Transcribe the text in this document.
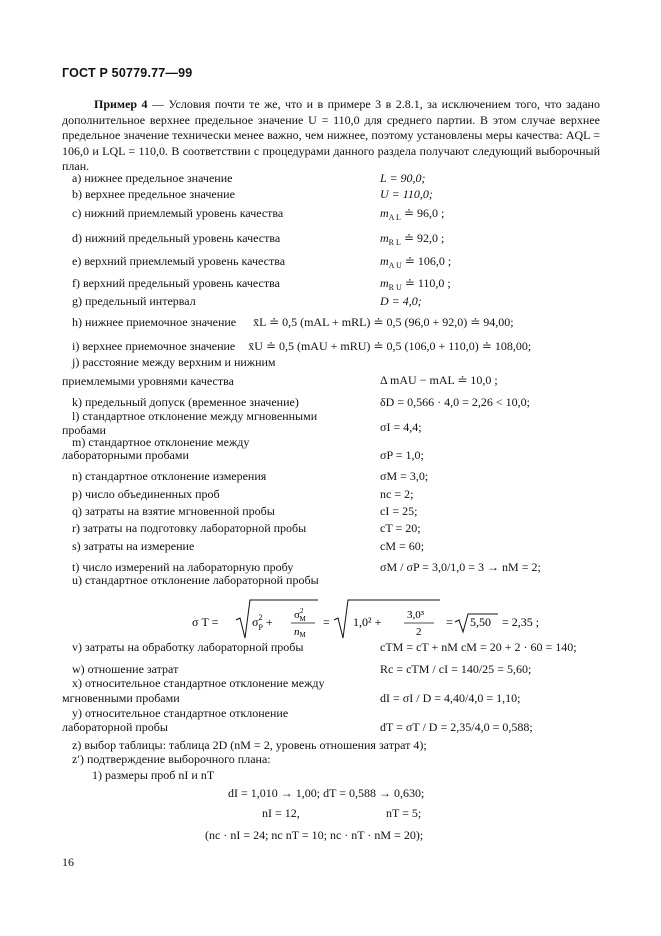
ГОСТ Р 50779.77—99
Пример 4 — Условия почти те же, что и в примере 3 в 2.8.1, за исключением того, что задано дополнительное верхнее предельное значение U = 110,0 для среднего партии. В этом случае верхнее предельное значение технически менее важно, чем нижнее, поэтому установлены меры качества: AQL = 106,0 и LQL = 110,0. В соответствии с процедурами данного раздела получают следующий выборочный план.
a) нижнее предельное значение	L = 90,0;
b) верхнее предельное значение	U = 110,0;
c) нижний приемлемый уровень качества	$m_{A L}$ ≐ 96,0 ;
d) нижний предельный уровень качества	$m_{R L}$ ≐ 92,0 ;
e) верхний приемлемый уровень качества	$m_{A U}$ ≐ 106,0 ;
f) верхний предельный уровень качества	$m_{R U}$ ≐ 110,0 ;
g) предельный интервал	D = 4,0;
h) нижнее приемочное значение x̄L ≐ 0,5 (mAL + mRL) ≐ 0,5 (96,0 + 92,0) ≐ 94,00;
i) верхнее приемочное значение x̄U ≐ 0,5 (mAU + mRU) ≐ 0,5 (106,0 + 110,0) ≐ 108,00;
j) расстояние между верхним и нижним
приемлемыми уровнями качества	Δ mAU − mAL ≐ 10,0 ;
k) предельный допуск (временное значение)	δD = 0,566 · 4,0 = 2,26 < 10,0;
l) стандартное отклонение между мгновенными
пробами	σI = 4,4;
m) стандартное отклонение между
лабораторными пробами	σP = 1,0;
n) стандартное отклонение измерения	σM = 3,0;
p) число объединенных проб	nc = 2;
q) затраты на взятие мгновенной пробы	cI = 25;
r) затраты на подготовку лабораторной пробы	cT = 20;
s) затраты на измерение	cM = 60;
t) число измерений на лабораторную пробу	σM / σP = 3,0/1,0 = 3 → nM = 2;
u) стандартное отклонение лабораторной пробы
σ T =	$\sigma^2$ $P + \sigma^2$ M
nM
= 1,0² + 3,0³
2
= 5,50 = 2,35 ;
v) затраты на обработку лабораторной пробы	cTM = cT + nM cM = 20 + 2 · 60 = 140;
w) отношение затрат	Rc = cTM / cI = 140/25 = 5,60;
x) относительное стандартное отклонение между
мгновенными пробами	dI = σI / D = 4,40/4,0 = 1,10;
y) относительное стандартное отклонение
лабораторной пробы	dT = σT / D = 2,35/4,0 = 0,588;
z) выбор таблицы: таблица 2D (nM = 2, уровень отношения затрат 4);
z′) подтверждение выборочного плана:
1) размеры проб nI и nT
dI = 1,010 → 1,00; dT = 0,588 → 0,630;
nI = 12,	nT = 5;
(nc · nI = 24; nc nT = 10; nc · nT · nM = 20);
16
